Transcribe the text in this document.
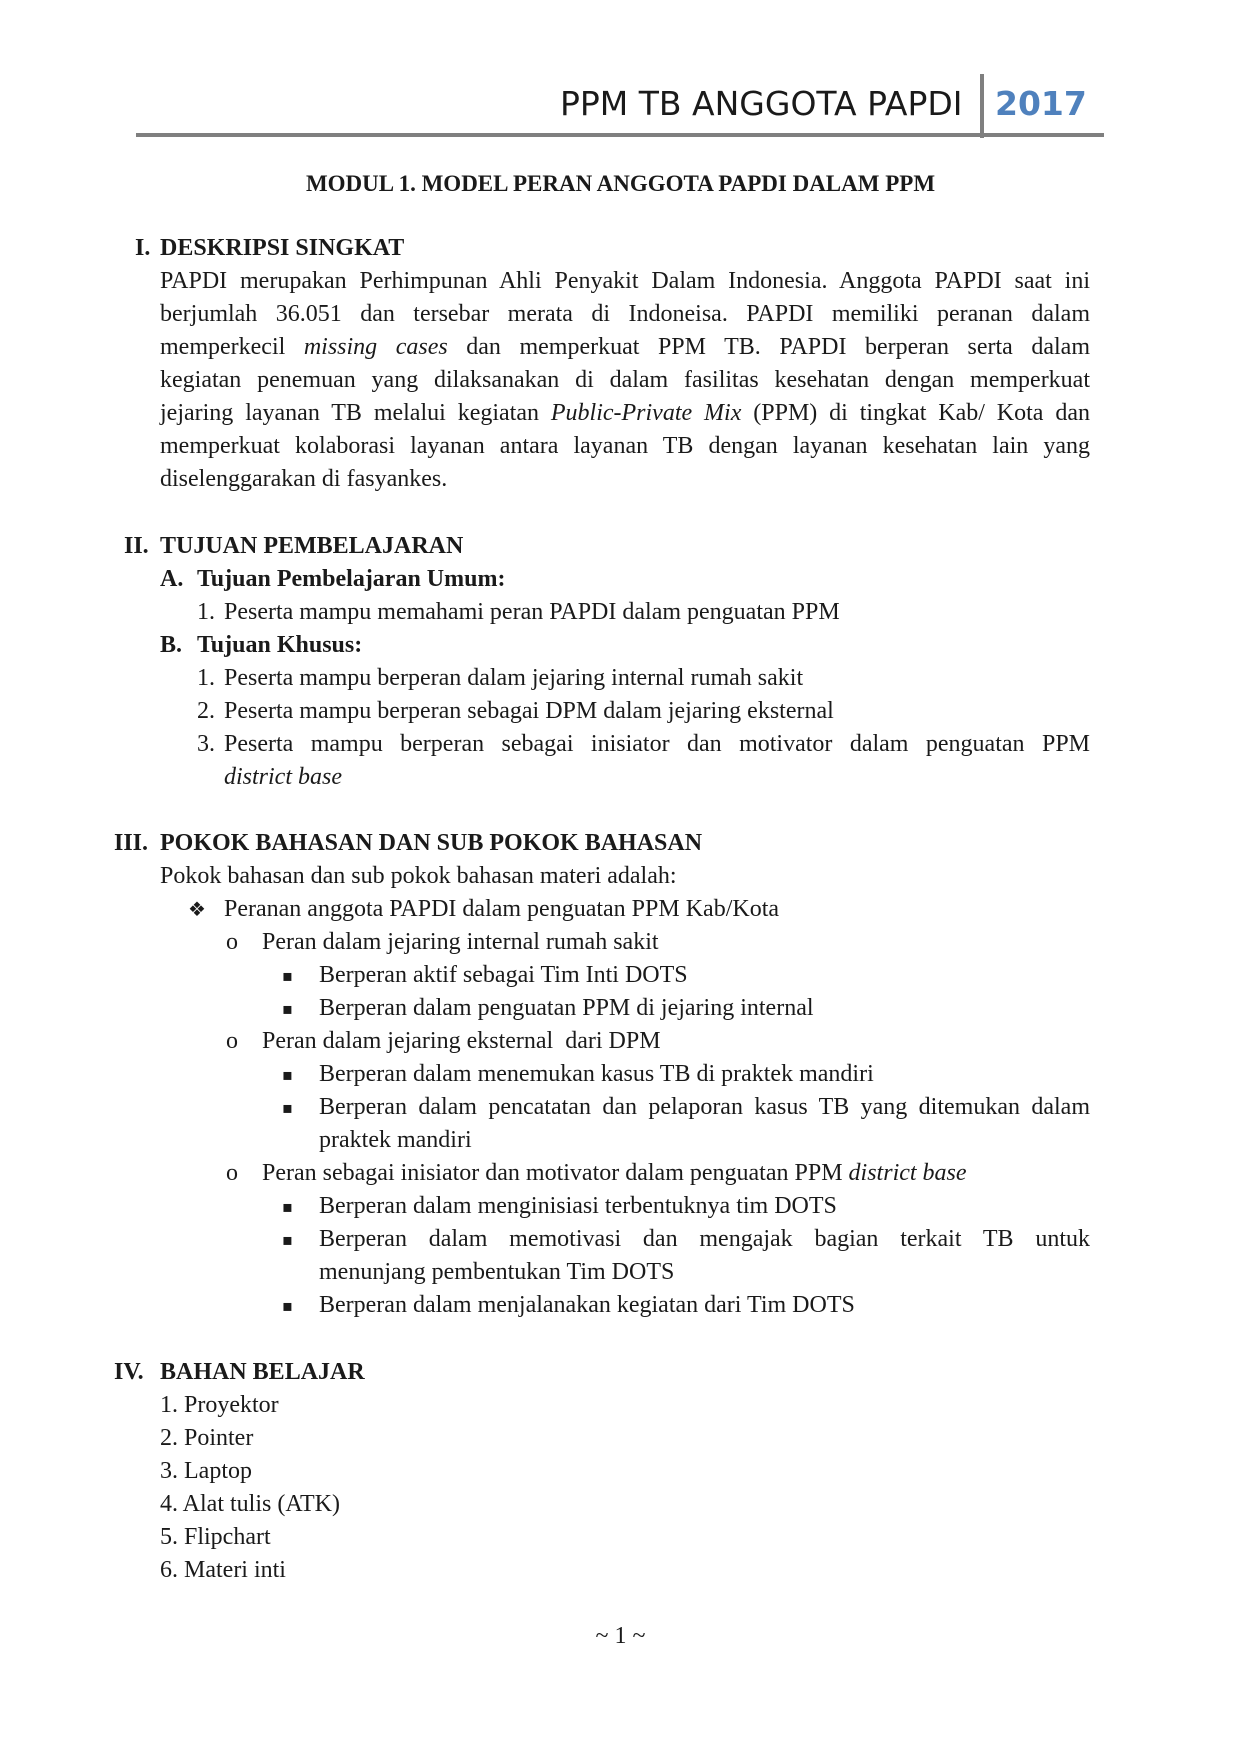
PPM TB ANGGOTA PAPDI 2017
MODUL 1. MODEL PERAN ANGGOTA PAPDI DALAM PPM
I. DESKRIPSI SINGKAT
PAPDI merupakan Perhimpunan Ahli Penyakit Dalam Indonesia. Anggota PAPDI saat ini
berjumlah 36.051 dan tersebar merata di Indoneisa. PAPDI memiliki peranan dalam
memperkecil missing cases dan memperkuat PPM TB. PAPDI berperan serta dalam
kegiatan penemuan yang dilaksanakan di dalam fasilitas kesehatan dengan memperkuat
jejaring layanan TB melalui kegiatan Public-Private Mix (PPM) di tingkat Kab/ Kota dan
memperkuat kolaborasi layanan antara layanan TB dengan layanan kesehatan lain yang
diselenggarakan di fasyankes.
II. TUJUAN PEMBELAJARAN
A. Tujuan Pembelajaran Umum:
1. Peserta mampu memahami peran PAPDI dalam penguatan PPM
B. Tujuan Khusus:
1. Peserta mampu berperan dalam jejaring internal rumah sakit
2. Peserta mampu berperan sebagai DPM dalam jejaring eksternal
3. Peserta mampu berperan sebagai inisiator dan motivator dalam penguatan PPM
district base
III. POKOK BAHASAN DAN SUB POKOK BAHASAN
Pokok bahasan dan sub pokok bahasan materi adalah:
❖ Peranan anggota PAPDI dalam penguatan PPM Kab/Kota
o Peran dalam jejaring internal rumah sakit
▪ Berperan aktif sebagai Tim Inti DOTS
▪ Berperan dalam penguatan PPM di jejaring internal
o Peran dalam jejaring eksternal  dari DPM
▪ Berperan dalam menemukan kasus TB di praktek mandiri
▪ Berperan dalam pencatatan dan pelaporan kasus TB yang ditemukan dalam
praktek mandiri
o Peran sebagai inisiator dan motivator dalam penguatan PPM district base
▪ Berperan dalam menginisiasi terbentuknya tim DOTS
▪ Berperan dalam memotivasi dan mengajak bagian terkait TB untuk
menunjang pembentukan Tim DOTS
▪ Berperan dalam menjalanakan kegiatan dari Tim DOTS
IV. BAHAN BELAJAR
1. Proyektor
2. Pointer
3. Laptop
4. Alat tulis (ATK)
5. Flipchart
6. Materi inti
~ 1 ~
